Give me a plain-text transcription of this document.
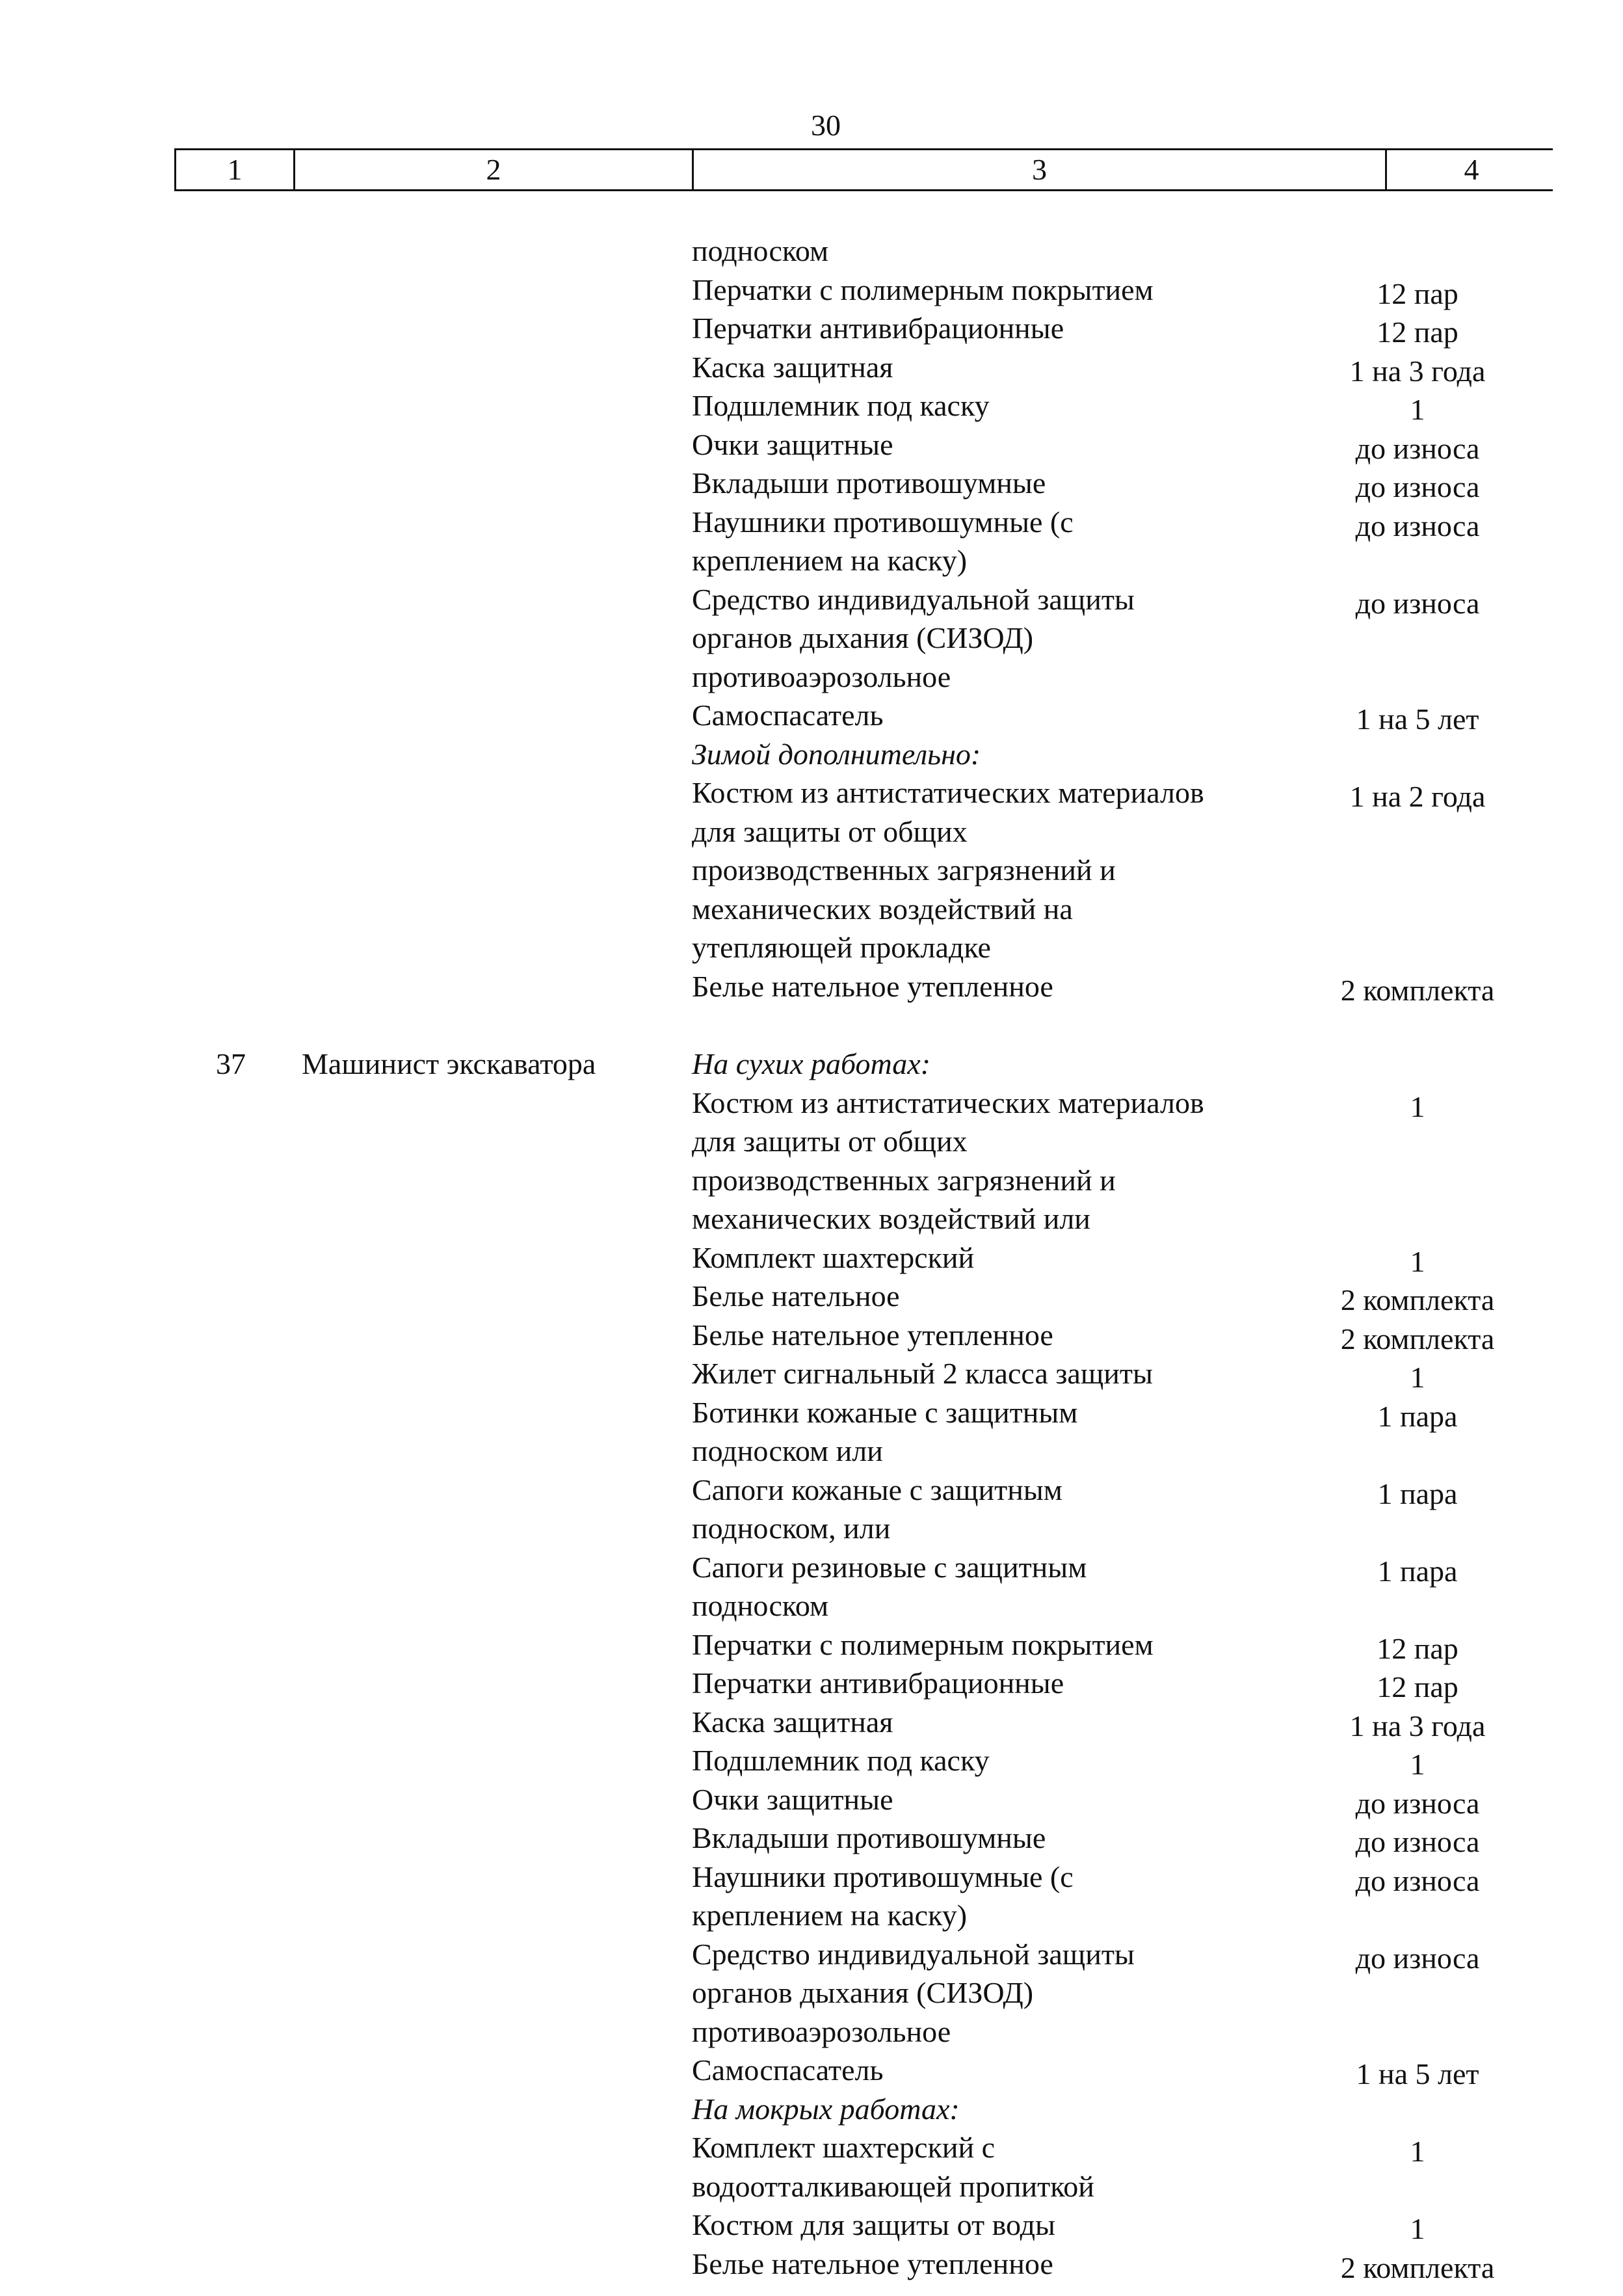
30
1	2	3	4
подноском
Перчатки с полимерным покрытием	12 пар
Перчатки антивибрационные	12 пар
Каска защитная	1 на 3 года
Подшлемник под каску	1
Очки защитные	до износа
Вкладыши противошумные	до износа
Наушники противошумные (с	до износа
креплением на каску)
Средство индивидуальной защиты	до износа
органов дыхания (СИЗОД)
противоаэрозольное
Самоспасатель	1 на 5 лет
Зимой дополнительно:
Костюм из антистатических материалов	1 на 2 года
для защиты от общих
производственных загрязнений и
механических воздействий на
утепляющей прокладке
Белье нательное утепленное	2 комплекта
37	Машинист экскаватора	На сухих работах:
Костюм из антистатических материалов	1
для защиты от общих
производственных загрязнений и
механических воздействий или
Комплект шахтерский	1
Белье нательное	2 комплекта
Белье нательное утепленное	2 комплекта
Жилет сигнальный 2 класса защиты	1
Ботинки кожаные с защитным	1 пара
подноском или
Сапоги кожаные с защитным	1 пара
подноском, или
Сапоги резиновые с защитным	1 пара
подноском
Перчатки с полимерным покрытием	12 пар
Перчатки антивибрационные	12 пар
Каска защитная	1 на 3 года
Подшлемник под каску	1
Очки защитные	до износа
Вкладыши противошумные	до износа
Наушники противошумные (с	до износа
креплением на каску)
Средство индивидуальной защиты	до износа
органов дыхания (СИЗОД)
противоаэрозольное
Самоспасатель	1 на 5 лет
На мокрых работах:
Комплект шахтерский с	1
водоотталкивающей пропиткой
Костюм для защиты от воды	1
Белье нательное утепленное	2 комплекта
